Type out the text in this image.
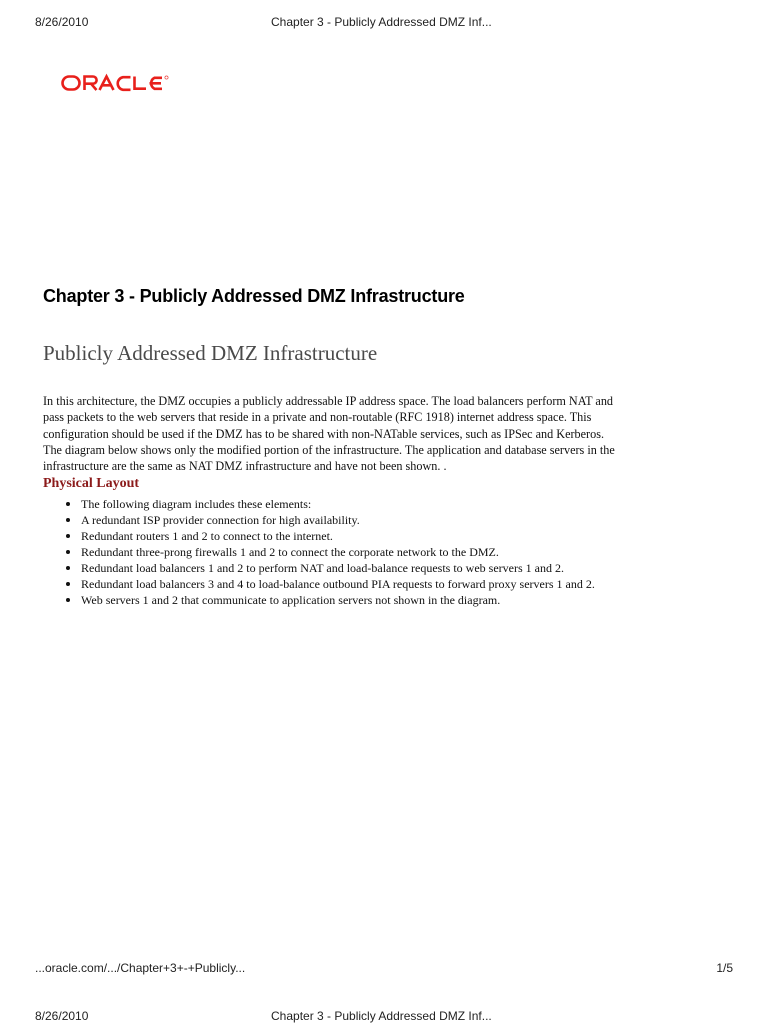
8/26/2010	Chapter 3 - Publicly Addressed DMZ Inf...
Chapter 3 - Publicly Addressed DMZ Infrastructure
Publicly Addressed DMZ Infrastructure

In this architecture, the DMZ occupies a publicly addressable IP address space. The load balancers perform NAT and
pass packets to the web servers that reside in a private and non-routable (RFC 1918) internet address space. This
configuration should be used if the DMZ has to be shared with non-NATable services, such as IPSec and Kerberos.
The diagram below shows only the modified portion of the infrastructure. The application and database servers in the
infrastructure are the same as NAT DMZ infrastructure and have not been shown. .

Physical Layout
The following diagram includes these elements:
A redundant ISP provider connection for high availability.
Redundant routers 1 and 2 to connect to the internet.
Redundant three-prong firewalls 1 and 2 to connect the corporate network to the DMZ.
Redundant load balancers 1 and 2 to perform NAT and load-balance requests to web servers 1 and 2.
Redundant load balancers 3 and 4 to load-balance outbound PIA requests to forward proxy servers 1 and 2.
Web servers 1 and 2 that communicate to application servers not shown in the diagram.
...oracle.com/.../Chapter+3+-+Publicly...	1/5
8/26/2010	Chapter 3 - Publicly Addressed DMZ Inf...
